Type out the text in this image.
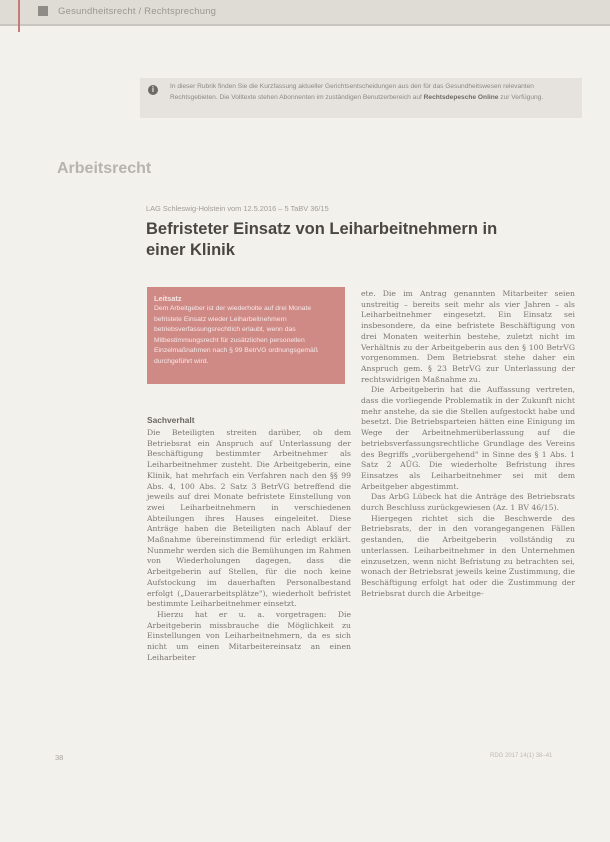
Gesundheitsrecht / Rechtsprechung
i	In dieser Rubrik finden Sie die Kurzfassung aktueller Gerichtsentscheidungen aus den für das Gesundheitswesen relevanten Rechtsgebieten. Die Volltexte stehen Abonnenten im zuständigen Benutzerbereich auf Rechtsdepesche Online zur Verfügung.
Arbeitsrecht
LAG Schleswig-Holstein vom 12.5.2016 – 5 TaBV 36/15
Befristeter Einsatz von Leiharbeitnehmern in einer Klinik
Leitsatz
Dem Arbeitgeber ist der wiederholte auf drei Monate befristete Einsatz wieder Leiharbeitnehmern betriebsverfassungsrechtlich erlaubt, wenn das Mitbestimmungsrecht für zusätzlichen personellen Einzelmaßnahmen nach § 99 BetrVG ordnungsgemäß durchgeführt wird.
Sachverhalt

Die Beteiligten streiten darüber, ob dem Betriebsrat ein Anspruch auf Unterlassung der Beschäftigung bestimmter Arbeitnehmer als Leiharbeitnehmer zusteht. Die Arbeitgeberin, eine Klinik, hat mehrfach ein Verfahren nach den §§ 99 Abs. 4, 100 Abs. 2 Satz 3 BetrVG betreffend die jeweils auf drei Monate befristete Einstellung von zwei Leiharbeitnehmern in verschiedenen Abteilungen ihres Hauses eingeleitet. Diese Anträge haben die Beteiligten nach Ablauf der Maßnahme übereinstimmend für erledigt erklärt. Nunmehr werden sich die Bemühungen im Rahmen von Wiederholungen dagegen, dass die Arbeitgeberin auf Stellen, für die noch keine Aufstockung im dauerhaften Personalbestand erfolgt („Dauerarbeitsplätze"), wiederholt befristet bestimmte Leiharbeitnehmer einsetzt.

Hierzu hat er u. a. vorgetragen: Die Arbeitgeberin missbrauche die Möglichkeit zu Einstellungen von Leiharbeitnehmern, da es sich nicht um einen Mitarbeitereinsatz an einen Leiharbeiter

ete. Die im Antrag genannten Mitarbeiter seien unstreitig – bereits seit mehr als vier Jahren – als Leiharbeitnehmer eingesetzt. Ein Einsatz sei insbesondere, da eine befristete Beschäftigung von drei Monaten weiterhin bestehe, zuletzt nicht im Verhältnis zu der Arbeitgeberin aus den § 100 BetrVG vorgenommen. Dem Betriebsrat stehe daher ein Anspruch gem. § 23 BetrVG zur Unterlassung der rechtswidrigen Maßnahme zu.

Die Arbeitgeberin hat die Auffassung vertreten, dass die vorliegende Problematik in der Zukunft nicht mehr anstehe, da sie die Stellen aufgestockt habe und besetzt. Die Betriebsparteien hätten eine Einigung im Wege der Arbeitnehmerüberlassung auf die betriebsverfassungsrechtliche Grundlage des Vereins des Begriffs „vorübergehend" in Sinne des § 1 Abs. 1 Satz 2 AÜG. Die wiederholte Befristung ihres Einsatzes als Leiharbeitnehmer sei mit dem Arbeitgeber abgestimmt.

Das ArbG Lübeck hat die Anträge des Betriebsrats durch Beschluss zurückgewiesen (Az. 1 BV 46/15).

Hiergegen richtet sich die Beschwerde des Betriebsrats, der in den vorangegangenen Fällen gestanden, die Arbeitgeberin vollständig zu unterlassen. Leiharbeitnehmer in den Unternehmen einzusetzen, wenn nicht Befristung zu betrachten sei, wonach der Betriebsrat jeweils keine Zustimmung, die Beschäftigung erfolgt hat oder die Zustimmung der Betriebsrat durch die Arbeitge-

38	RDG 2017 14(1) 38–41
